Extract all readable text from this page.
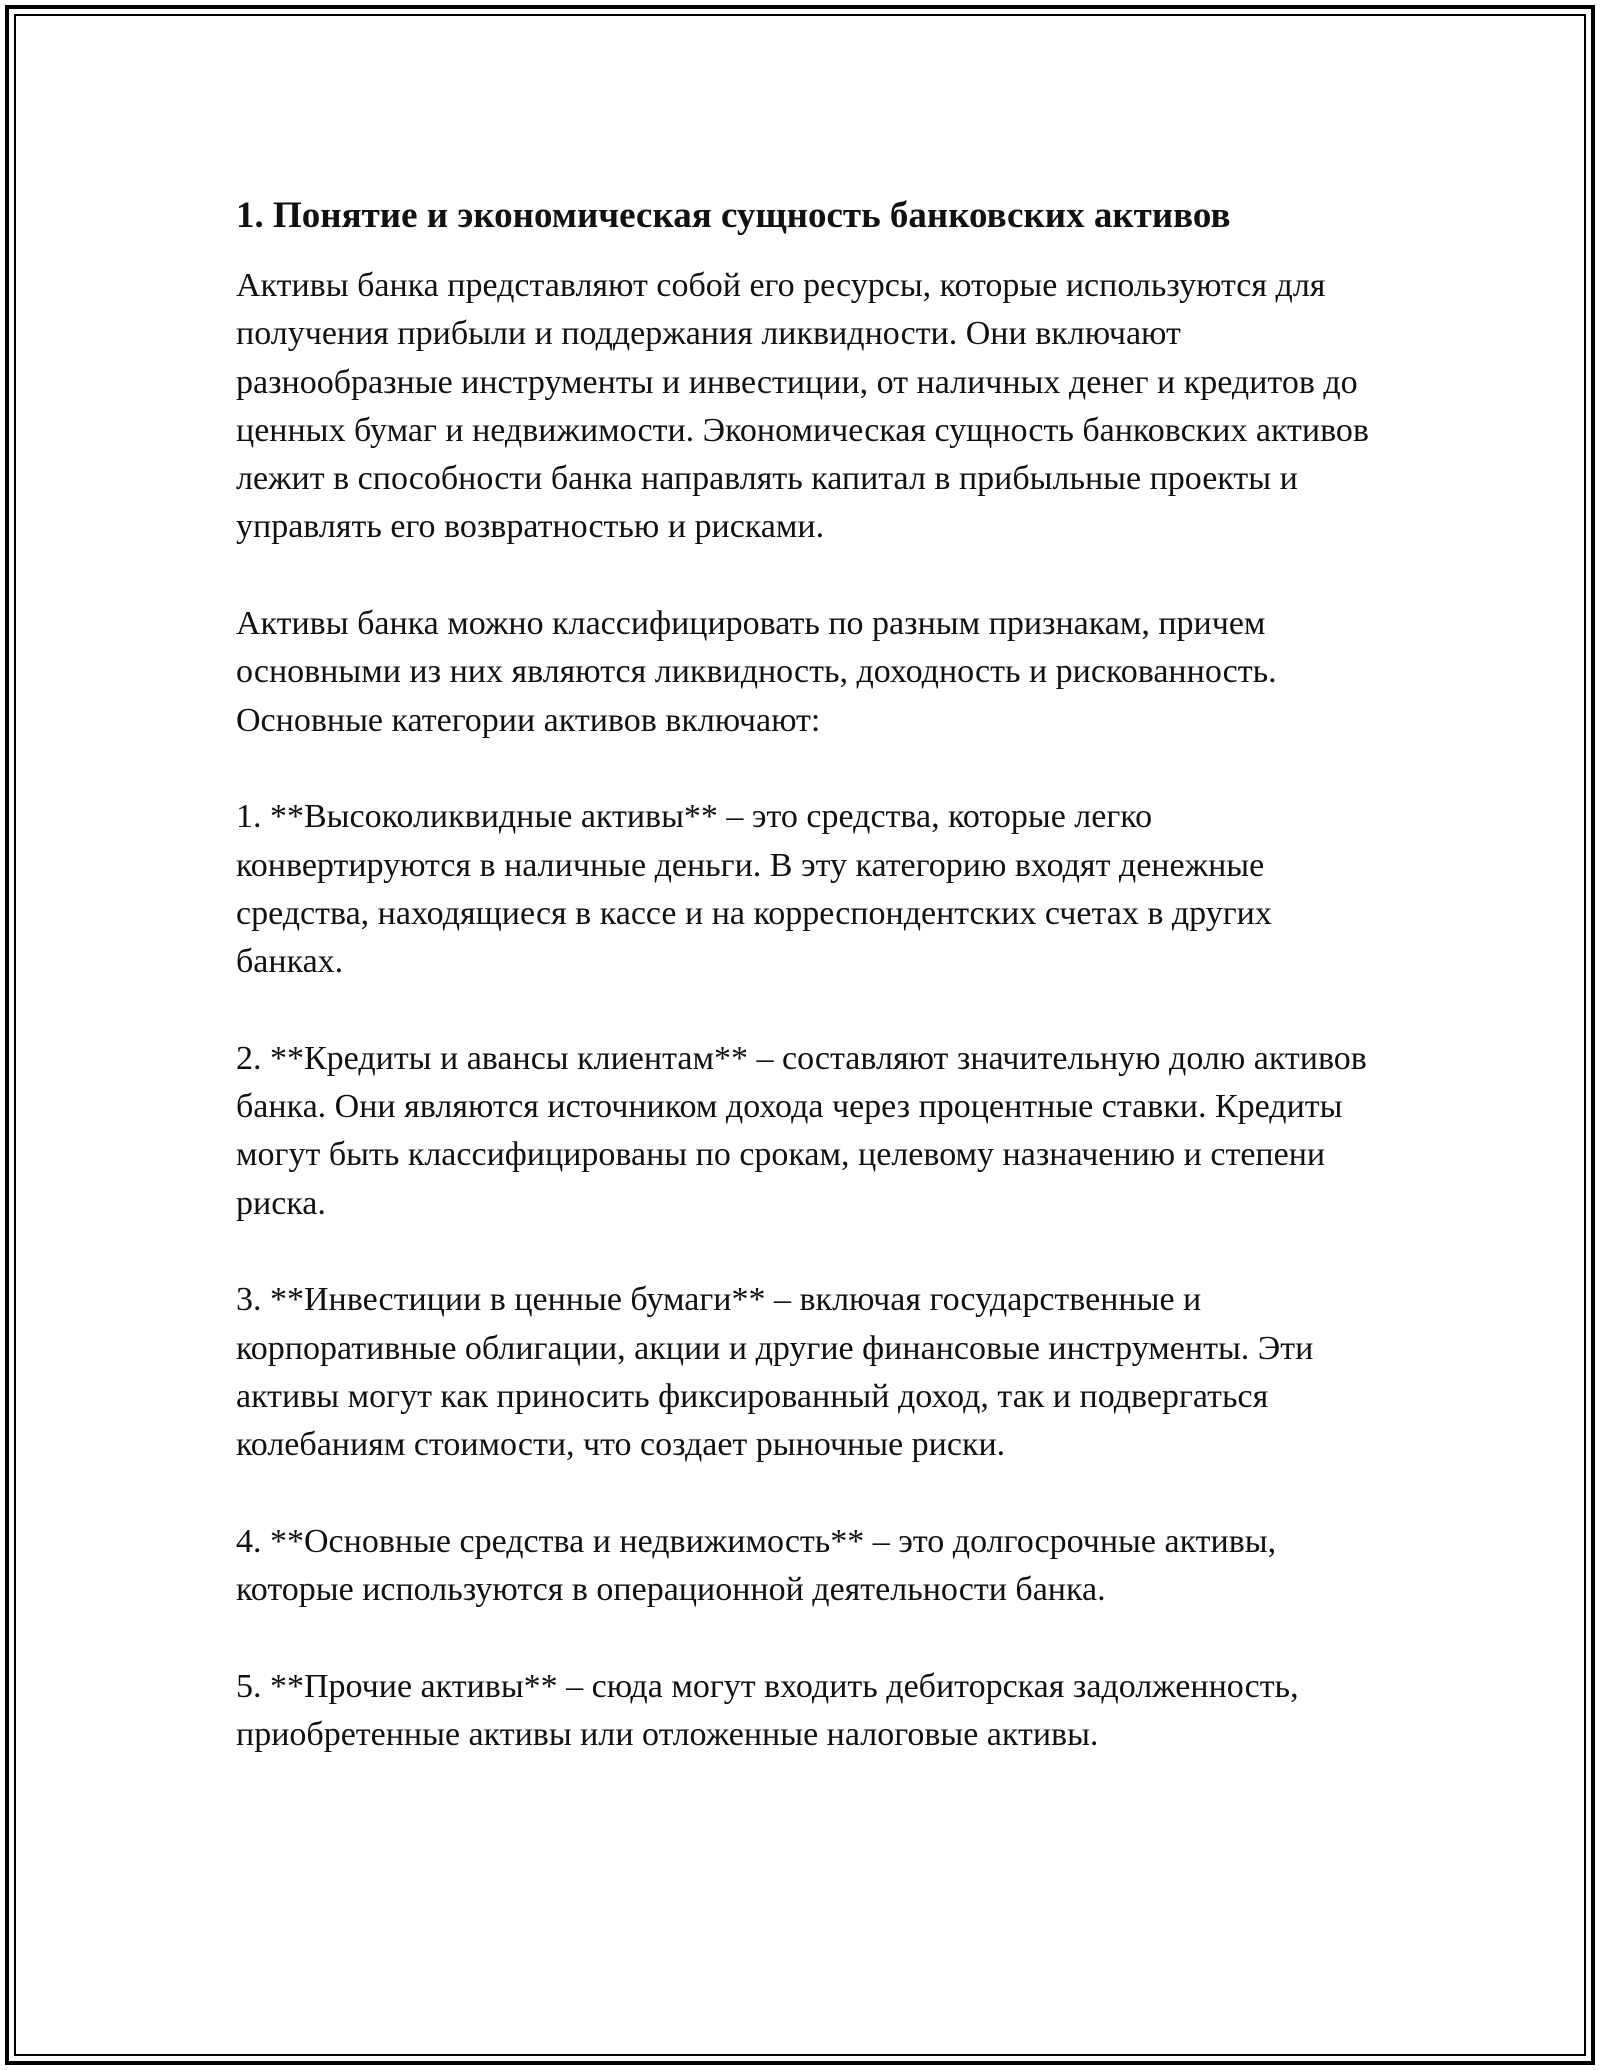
1. Понятие и экономическая сущность банковских активов

Активы банка представляют собой его ресурсы, которые используются для получения прибыли и поддержания ликвидности. Они включают разнообразные инструменты и инвестиции, от наличных денег и кредитов до ценных бумаг и недвижимости. Экономическая сущность банковских активов лежит в способности банка направлять капитал в прибыльные проекты и управлять его возвратностью и рисками.

Активы банка можно классифицировать по разным признакам, причем основными из них являются ликвидность, доходность и рискованность. Основные категории активов включают:

1. **Высоколиквидные активы** – это средства, которые легко конвертируются в наличные деньги. В эту категорию входят денежные средства, находящиеся в кассе и на корреспондентских счетах в других банках.

2. **Кредиты и авансы клиентам** – составляют значительную долю активов банка. Они являются источником дохода через процентные ставки. Кредиты могут быть классифицированы по срокам, целевому назначению и степени риска.

3. **Инвестиции в ценные бумаги** – включая государственные и корпоративные облигации, акции и другие финансовые инструменты. Эти активы могут как приносить фиксированный доход, так и подвергаться колебаниям стоимости, что создает рыночные риски.

4. **Основные средства и недвижимость** – это долгосрочные активы, которые используются в операционной деятельности банка.

5. **Прочие активы** – сюда могут входить дебиторская задолженность, приобретенные активы или отложенные налоговые активы.
